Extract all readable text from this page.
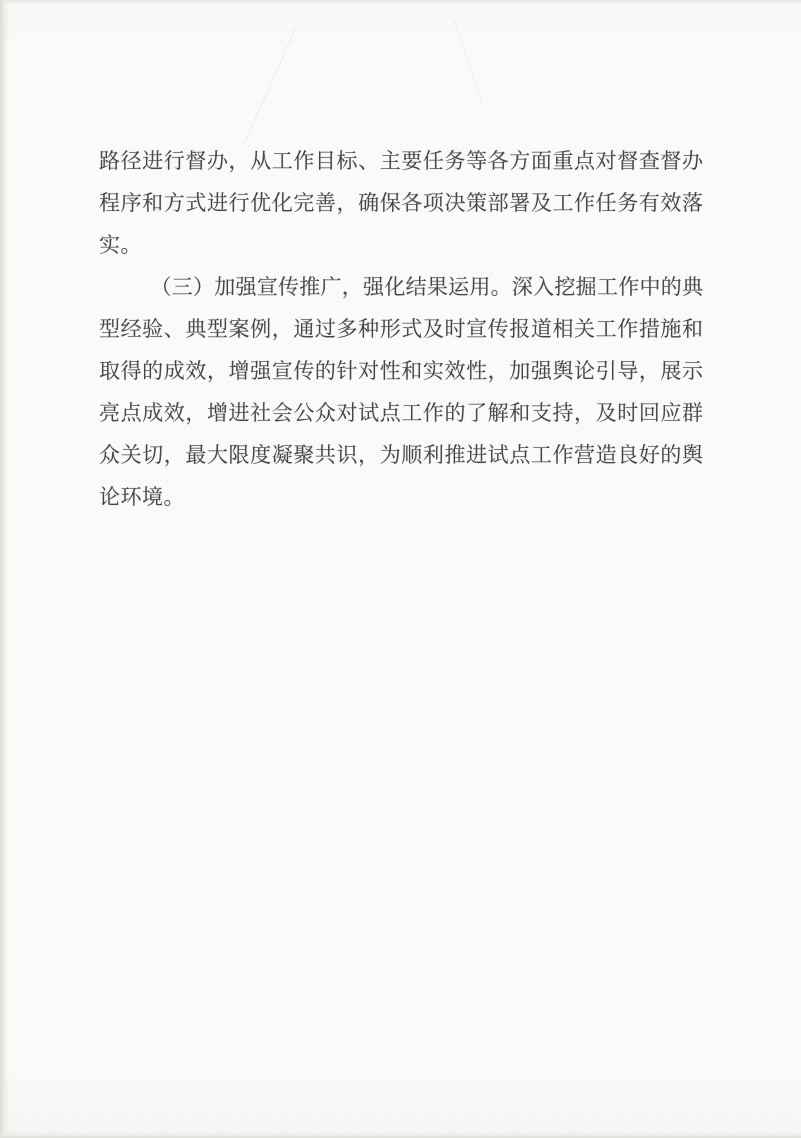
路径进行督办，从工作目标、主要任务等各方面重点对督查督办
程序和方式进行优化完善，确保各项决策部署及工作任务有效落
实。
（三）加强宣传推广，强化结果运用。深入挖掘工作中的典
型经验、典型案例，通过多种形式及时宣传报道相关工作措施和
取得的成效，增强宣传的针对性和实效性，加强舆论引导，展示
亮点成效，增进社会公众对试点工作的了解和支持，及时回应群
众关切，最大限度凝聚共识，为顺利推进试点工作营造良好的舆
论环境。
